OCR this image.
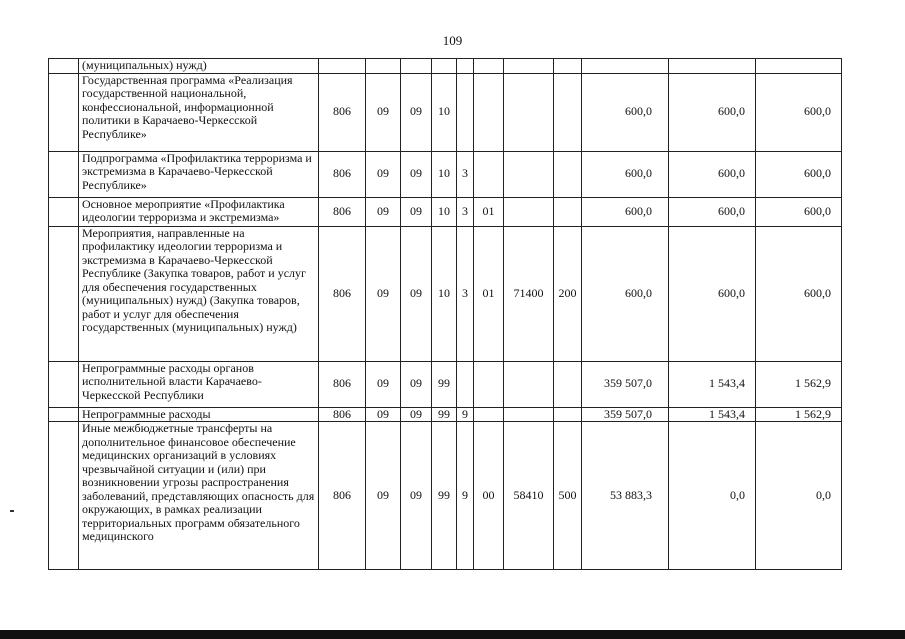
109
	(муниципальных) нужд)											
	Государственная программа «Реализация государственной национальной, конфессиональной, информационной политики в Карачаево-Черкесской Республике»	806	09	09	10					600,0	600,0	600,0
	Подпрограмма «Профилактика терроризма и экстремизма в Карачаево-Черкесской Республике»	806	09	09	10	3				600,0	600,0	600,0
	Основное мероприятие «Профилактика идеологии терроризма и экстремизма»	806	09	09	10	3	01			600,0	600,0	600,0
	Мероприятия, направленные на профилактику идеологии терроризма и экстремизма в Карачаево-Черкесской Республике (Закупка товаров, работ и услуг для обеспечения государственных (муниципальных) нужд) (Закупка товаров, работ и услуг для обеспечения государственных (муниципальных) нужд)	806	09	09	10	3	01	71400	200	600,0	600,0	600,0
	Непрограммные расходы органов исполнительной власти Карачаево-Черкесской Республики	806	09	09	99					359 507,0	1 543,4	1 562,9
	Непрограммные расходы	806	09	09	99	9				359 507,0	1 543,4	1 562,9
	Иные межбюджетные трансферты на дополнительное финансовое обеспечение медицинских организаций в условиях чрезвычайной ситуации и (или) при возникновении угрозы распространения заболеваний, представляющих опасность для окружающих, в рамках реализации территориальных программ обязательного медицинского	806	09	09	99	9	00	58410	500	53 883,3	0,0	0,0
